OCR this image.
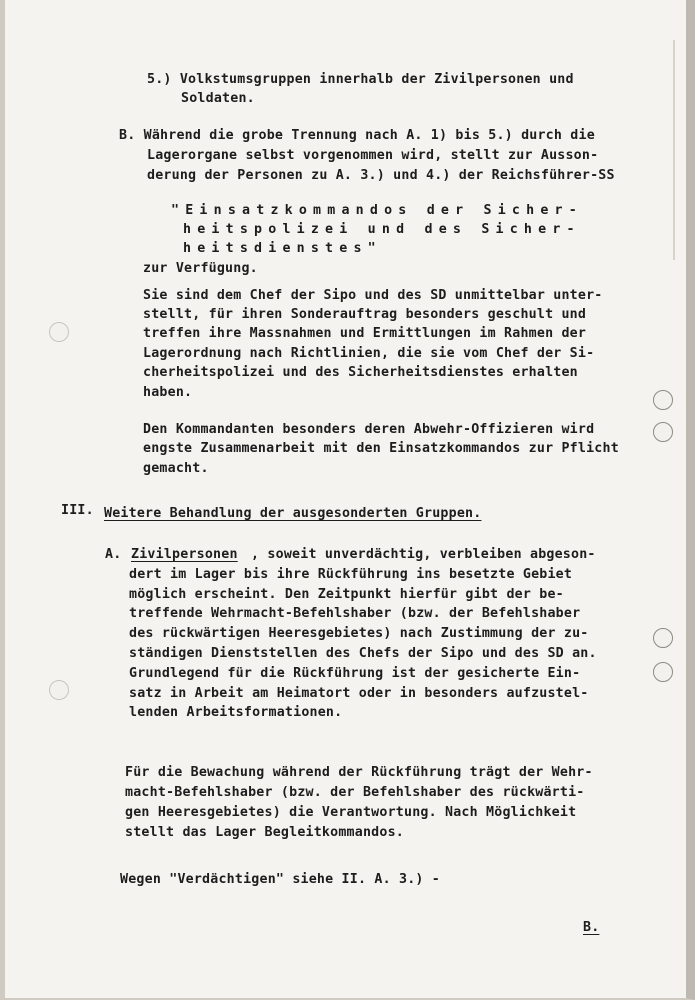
5.) Volkstumsgruppen innerhalb der Zivilpersonen und

Soldaten.

B. Während die grobe Trennung nach A. 1) bis 5.) durch die

Lagerorgane selbst vorgenommen wird, stellt zur Ausson-

derung der Personen zu A. 3.) und 4.) der Reichsführer-SS

"Einsatzkommandos der Sicher-

heitspolizei und des Sicher-

heitsdienstes"

zur Verfügung.

Sie sind dem Chef der Sipo und des SD unmittelbar unter-

stellt, für ihren Sonderauftrag besonders geschult und

treffen ihre Massnahmen und Ermittlungen im Rahmen der

Lagerordnung nach Richtlinien, die sie vom Chef der Si-

cherheitspolizei und des Sicherheitsdienstes erhalten

haben.

Den Kommandanten besonders deren Abwehr-Offizieren wird

engste Zusammenarbeit mit den Einsatzkommandos zur Pflicht

gemacht.

III. Weitere Behandlung der ausgesonderten Gruppen.

A. Zivilpersonen , soweit unverdächtig, verbleiben abgeson-

dert im Lager bis ihre Rückführung ins besetzte Gebiet

möglich erscheint. Den Zeitpunkt hierfür gibt der be-

treffende Wehrmacht-Befehlshaber (bzw. der Befehlshaber

des rückwärtigen Heeresgebietes) nach Zustimmung der zu-

ständigen Dienststellen des Chefs der Sipo und des SD an.

Grundlegend für die Rückführung ist der gesicherte Ein-

satz in Arbeit am Heimatort oder in besonders aufzustel-

lenden Arbeitsformationen.

Für die Bewachung während der Rückführung trägt der Wehr-

macht-Befehlshaber (bzw. der Befehlshaber des rückwärti-

gen Heeresgebietes) die Verantwortung. Nach Möglichkeit

stellt das Lager Begleitkommandos.

Wegen "Verdächtigen" siehe II. A. 3.) -

B.
